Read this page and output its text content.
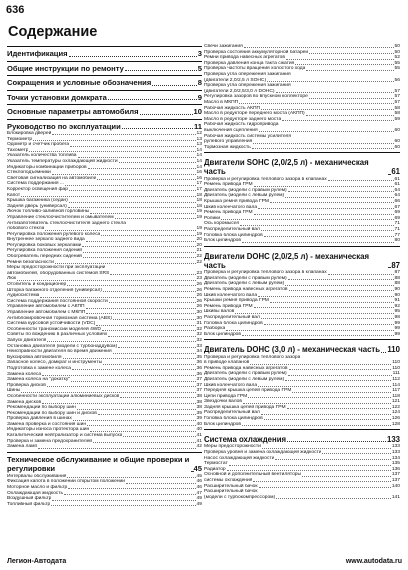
636
Содержание
Идентификация	3
Общие инструкции по ремонту	5
Сокращения и условные обозначения	8
Точки установки домкрата	9
Основные параметры автомобиля	10
Руководство по эксплуатации	11
Блокировка дверей	12
Термометр	13
Одометр и счетчик пробега	13
Тахометр	14
Указатель количества топлива	14
Указатель температуры охлаждающей жидкости	14
Индикаторы комбинации приборов	14
Стеклоподъемники	16
Световая сигнализация на автомобиле	16
Система поддержания ...	17
Корректор освещения фар	17
Капот	18
Крышка багажника (седан)	18
Задняя дверь (универсал)	18
Лючок топливо-заливной горловины	19
Управление стеклоочистителем и омывателем	19
Антизапотеватель стеклоочистителя заднего стекла
лобового стекла	19
Регулировка положения рулевого колеса	19
Внутреннее зеркало заднего вида	20
Регулировка боковых зеркалами	20
Регулировка положения сидений	21
Обогреватель передних сидений	22
Ремни безопасности	22
Меры предосторожности при эксплуатации
автомобилей, оборудованных системой SRS	23
Люк	23
Отопитель и кондиционер	26
Шторка багажного отделения (универсал)	26
Аудиосистема	26
Система поддержания постоянной скорости	26
Управление автомобилем с АКПП	26
Управление автомобилем с МКПП	30
Антиблокировочная тормозная система (ABS)	30
Система курсовой устойчивости (VDC)	31
Особенности трансмиссии моделей 4WD	32
Советы по вождению в различных условиях	32
Запуск двигателя	32
Остановка двигателя (модели с турбонаддувом)	33
Неисправности двигателя во время движения	34
Буксировка автомобиля	35
Запасное колесо, домкрат и инструменты	36
Подготовка к замене колеса	36
Замена колеса	36
Замена колеса на "докатку"	37
Проверка дисков	37
Шины	37
Особенности эксплуатации алюминиевых дисков	38
Замена дисков	38
Рекомендации по выбору шин	38
Рекомендации по выбору шин и дисков	39
Проверка давления в шинах	39
Замена проверка и состояния шин	40
Индикаторы износа протектора шин	40
Каталитический нейтрализатор и система выпуска	41
Проверка и замена предохранителей	41
Замена ламп	42
Техническое обслуживание и общие проверки и регулировки	45
Интервалы обслуживания	45
Фиксация капота в положении открытом положении	46
Моторное масло и фильтр	46
Охлаждающая жидкость	47
Воздушный фильтр	49
Топливный фильтр	49
Свечи зажигания	50
Проверка состояния аккумуляторной батареи	50
Ремни привода навесных агрегатов	52
Проверка давления конца такта сжатия	55
Проверка частоты вращения холостого хода	55
Проверка угла опережения зажигания
(двигатели 2,0/2,5 л SOHC)	56
Проверка угла опережения зажигания
(двигатели 2,0/2,5/3,0 л DOHC)	57
Регулировка зазоров во впускном коллекторе	57
Масло в МКПП	57
Рабочая жидкость АКПП	58
Масло в редукторе переднего моста (АКПП)	58
Масло в редукторе заднего моста	59
Рабочая жидкость гидропривода
выключения сцепления	60
Рабочая жидкость системы усилителя
рулевого управления	60
Тормозная жидкость	60
Двигатели SOHC (2,0/2,5 л) - механическая часть	61
Проверка и регулировка теплового зазора в клапанах	61
Ремень привода ГРМ	61
Двигатель (модели с правым рулем)	64
Двигатель (модели с левым рулем)	64
Крышка ремня привода ГРМ	66
Шкив коленчатого вала	67
Ремень привода ГРМ	69
Ролики	69
Ось коромысел	71
Распределительный вал	71
Головка блока цилиндров	77
Блок цилиндров	80
Двигатели DOHC (2,0/2,5 л) - механическая часть	87
Проверка и регулировка теплового зазора в клапанах	87
Двигатель (модели с правым рулем)	88
Двигатель (модели с левым рулем)	88
Ремень привода навесных агрегатов	90
Шкив коленчатого вала	90
Крышки ремня привода ГРМ	91
Ремень привода ГРМ	92
Шкивы валов	95
Распределительный вал	98
Головка блока цилиндров	99
Разборка	99
Блок цилиндров	99
Двигатель DOHC (3,0 л) - механическая часть 110
Проверка и регулировка теплового зазора
в приводе клапанов	110
Ремень привода навесных агрегатов	110
Двигатель (модели с правым рулем)	111
Двигатель (модели с левым рулем)	112
Шкив коленчатого вала	114
Передняя крышка цепей привода ГРМ	117
Цепи привода ГРМ	118
Звездочки валов	121
Задняя крышка цепей привода ГРМ	122
Распределительный вал	124
Головка блока цилиндров	126
Блок цилиндров	128
Система охлаждения	133
Меры предосторожности	133
Проверка уровня и замена охлаждающей жидкости	133
Насос охлаждающей жидкости	134
Термостат	135
Радиатор	136
Основной и дополнительный вентиляторы	137
системы охлаждения	137
Расширительный бачок	140
Расширительный бачок
(модели с турбокомпрессором)	141
Легион-Автодата	www.autodata.ru
